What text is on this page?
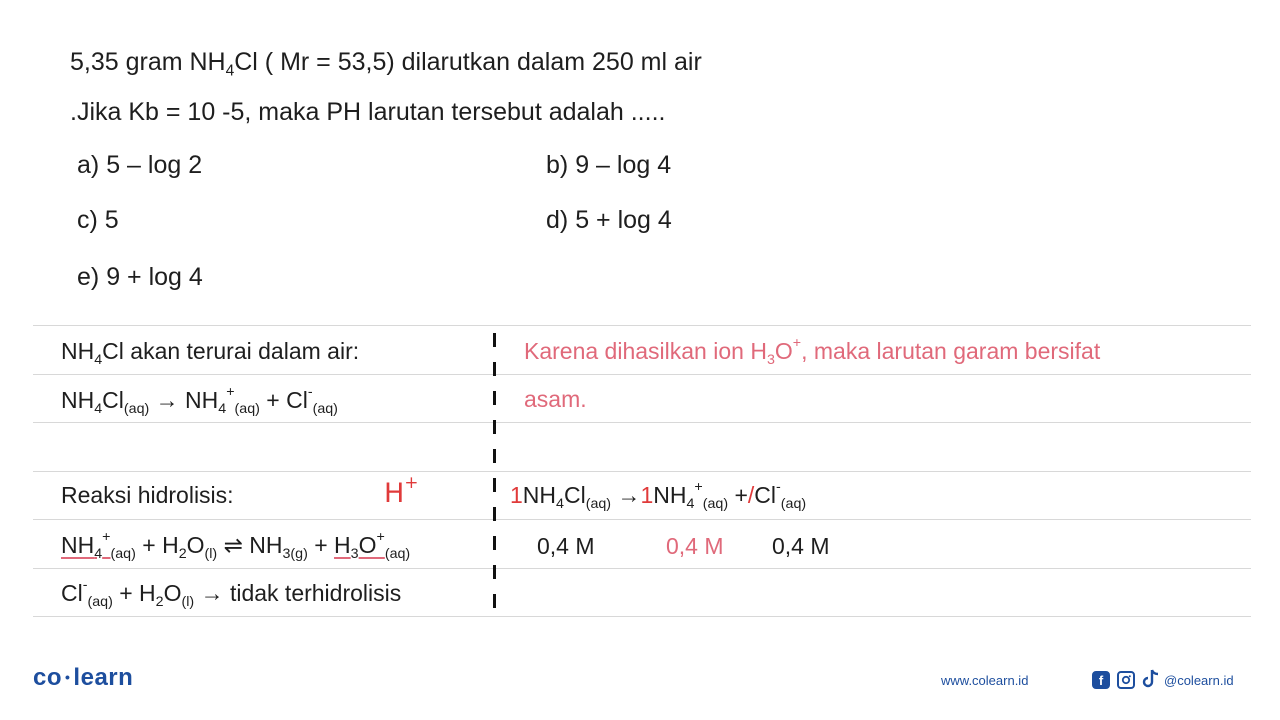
5,35 gram $NH_4Cl$ ( Mr = 53,5) dilarutkan dalam 250 ml air
.Jika Kb = 10 -5, maka PH larutan tersebut adalah .....
a) 5 – log 2	b) 9 – log 4
c) 5	d) 5 + log 4
e) 9 + log 4
$NH_4Cl$ akan terurai dalam air:
$NH_4Cl_{(aq)} \to NH_4^+_{(aq)} + Cl^-_{(aq)}$
Reaksi hidrolisis:	H+
$NH_4^+_{(aq)} + H_2O_{(l)}$ ⇌ $NH_{3(g)} + H_3O^+_{(aq)}$
$Cl^-_{(aq)} + H_2O_{(l)}$ → tidak terhidrolisis
Karena dihasilkan ion $H_3O^+$, maka larutan garam bersifat
asam.
$1NH_4Cl_{(aq)} \to 1NH_4^+_{(aq)} +/Cl^-_{(aq)}$
0,4 M	0,4 M 0,4 M
co • learn	www.colearn.id	f	@colearn.id
